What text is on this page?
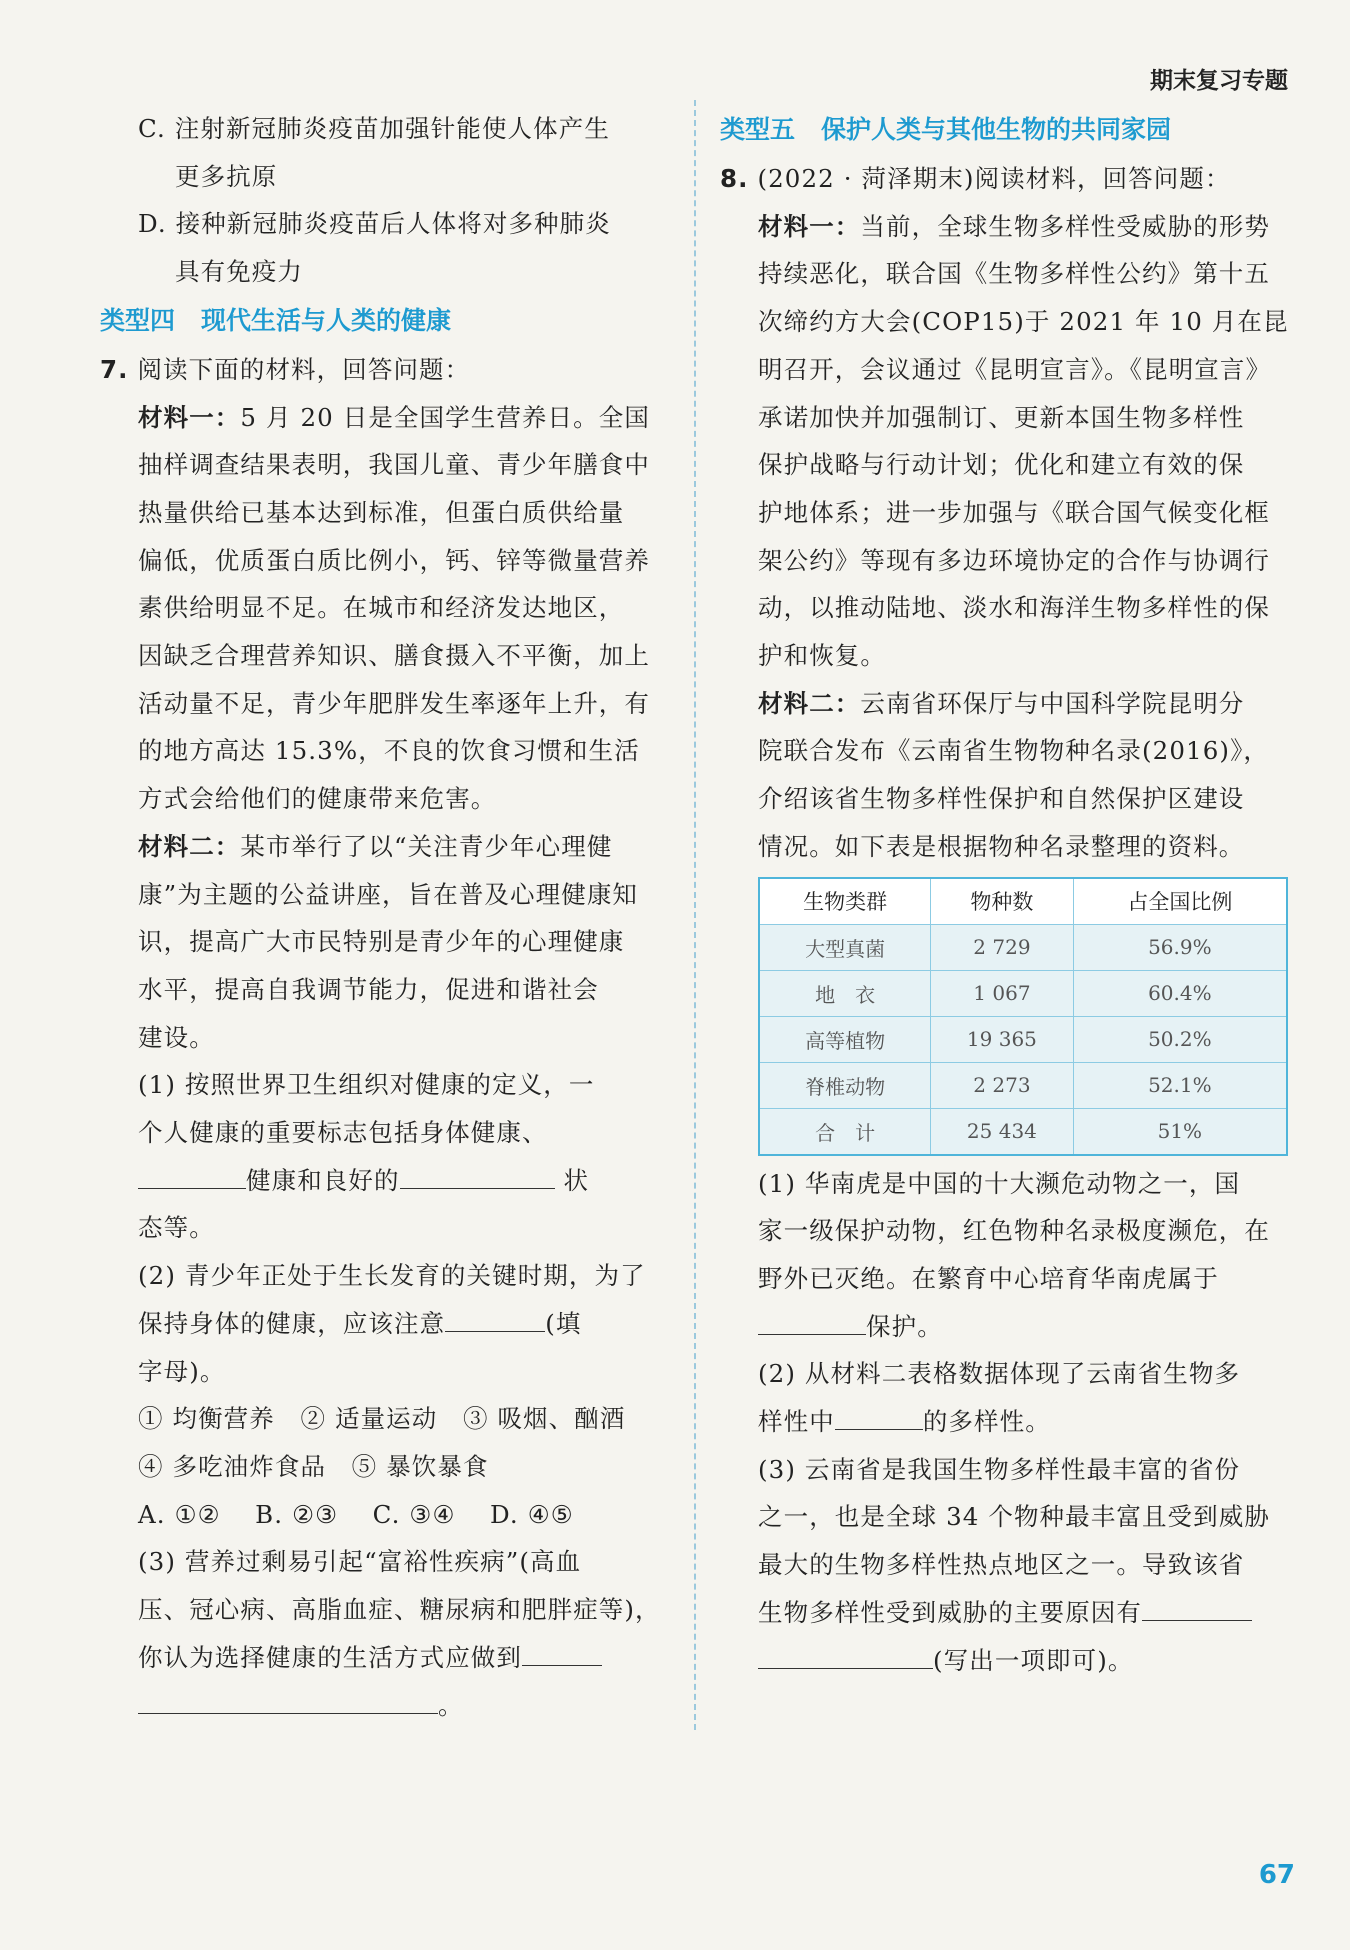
期末复习专题
C. 注射新冠肺炎疫苗加强针能使人体产生
更多抗原
D. 接种新冠肺炎疫苗后人体将对多种肺炎
具有免疫力
类型四 现代生活与人类的健康
7. 阅读下面的材料，回答问题：
材料一：5 月 20 日是全国学生营养日。全国
抽样调查结果表明，我国儿童、青少年膳食中
热量供给已基本达到标准，但蛋白质供给量
偏低，优质蛋白质比例小，钙、锌等微量营养
素供给明显不足。在城市和经济发达地区，
因缺乏合理营养知识、膳食摄入不平衡，加上
活动量不足，青少年肥胖发生率逐年上升，有
的地方高达 15.3%，不良的饮食习惯和生活
方式会给他们的健康带来危害。
材料二：某市举行了以“关注青少年心理健
康”为主题的公益讲座，旨在普及心理健康知
识，提高广大市民特别是青少年的心理健康
水平，提高自我调节能力，促进和谐社会
建设。
(1) 按照世界卫生组织对健康的定义，一
个人健康的重要标志包括身体健康、
健康和良好的	状
态等。
(2) 青少年正处于生长发育的关键时期，为了
保持身体的健康，应该注意	(填
字母)。
① 均衡营养　② 适量运动　③ 吸烟、酗酒
④ 多吃油炸食品　⑤ 暴饮暴食
A. ①②　 B. ②③　 C. ③④　 D. ④⑤
(3) 营养过剩易引起“富裕性疾病”(高血
压、冠心病、高脂血症、糖尿病和肥胖症等)，
你认为选择健康的生活方式应做到
。
类型五 保护人类与其他生物的共同家园
8. (2022 · 菏泽期末)阅读材料，回答问题：
材料一：当前，全球生物多样性受威胁的形势
持续恶化，联合国《生物多样性公约》第十五
次缔约方大会(COP15)于 2021 年 10 月在昆
明召开，会议通过《昆明宣言》。《昆明宣言》
承诺加快并加强制订、更新本国生物多样性
保护战略与行动计划；优化和建立有效的保
护地体系；进一步加强与《联合国气候变化框
架公约》等现有多边环境协定的合作与协调行
动，以推动陆地、淡水和海洋生物多样性的保
护和恢复。
材料二：云南省环保厅与中国科学院昆明分
院联合发布《云南省生物物种名录(2016)》，
介绍该省生物多样性保护和自然保护区建设
情况。如下表是根据物种名录整理的资料。
生物类群	物种数	占全国比例
大型真菌	2 729	56.9%
地　衣	1 067	60.4%
高等植物	19 365	50.2%
脊椎动物	2 273	52.1%
合　计	25 434	51%
(1) 华南虎是中国的十大濒危动物之一，国
家一级保护动物，红色物种名录极度濒危，在
野外已灭绝。在繁育中心培育华南虎属于
保护。
(2) 从材料二表格数据体现了云南省生物多
样性中	的多样性。
(3) 云南省是我国生物多样性最丰富的省份
之一，也是全球 34 个物种最丰富且受到威胁
最大的生物多样性热点地区之一。导致该省
生物多样性受到威胁的主要原因有
(写出一项即可)。
67
